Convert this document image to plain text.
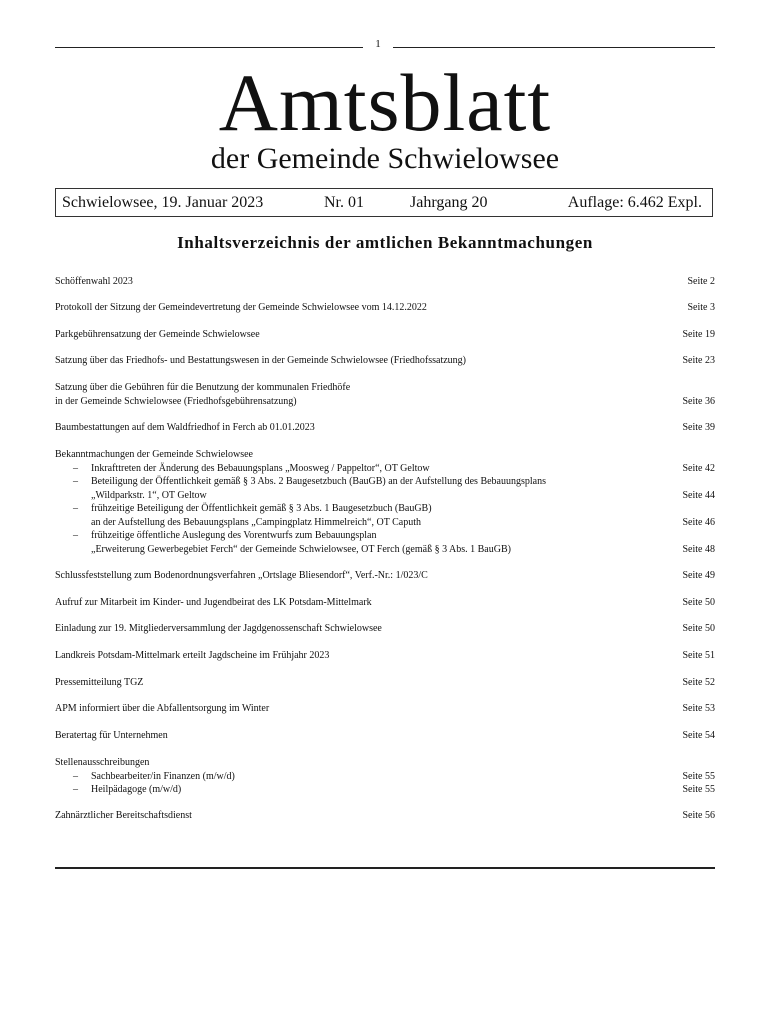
1
Amtsblatt
der Gemeinde Schwielowsee
Schwielowsee, 19. Januar 2023	Nr. 01	Jahrgang 20	Auflage: 6.462 Expl.
Inhaltsverzeichnis der amtlichen Bekanntmachungen
Schöffenwahl 2023	Seite 2
Protokoll der Sitzung der Gemeindevertretung der Gemeinde Schwielowsee vom 14.12.2022	Seite 3
Parkgebührensatzung der Gemeinde Schwielowsee	Seite 19
Satzung über das Friedhofs- und Bestattungswesen in der Gemeinde Schwielowsee (Friedhofssatzung)	Seite 23
Satzung über die Gebühren für die Benutzung der kommunalen Friedhöfe
in der Gemeinde Schwielowsee (Friedhofsgebührensatzung)	Seite 36
Baumbestattungen auf dem Waldfriedhof in Ferch ab 01.01.2023	Seite 39
Bekanntmachungen der Gemeinde Schwielowsee
– Inkrafttreten der Änderung des Bebauungsplans „Moosweg / Pappeltor“, OT Geltow	Seite 42
– Beteiligung der Öffentlichkeit gemäß § 3 Abs. 2 Baugesetzbuch (BauGB) an der Aufstellung des Bebauungsplans
„Wildparkstr. 1“, OT Geltow	Seite 44
– frühzeitige Beteiligung der Öffentlichkeit gemäß § 3 Abs. 1 Baugesetzbuch (BauGB)
an der Aufstellung des Bebauungsplans „Campingplatz Himmelreich“, OT Caputh	Seite 46
– frühzeitige öffentliche Auslegung des Vorentwurfs zum Bebauungsplan
„Erweiterung Gewerbegebiet Ferch“ der Gemeinde Schwielowsee, OT Ferch (gemäß § 3 Abs. 1 BauGB)	Seite 48
Schlussfeststellung zum Bodenordnungsverfahren „Ortslage Bliesendorf“, Verf.-Nr.: 1/023/C	Seite 49
Aufruf zur Mitarbeit im Kinder- und Jugendbeirat des LK Potsdam-Mittelmark	Seite 50
Einladung zur 19. Mitgliederversammlung der Jagdgenossenschaft Schwielowsee	Seite 50
Landkreis Potsdam-Mittelmark erteilt Jagdscheine im Frühjahr 2023	Seite 51
Pressemitteilung TGZ	Seite 52
APM informiert über die Abfallentsorgung im Winter	Seite 53
Beratertag für Unternehmen	Seite 54
Stellenausschreibungen
– Sachbearbeiter/in Finanzen (m/w/d)	Seite 55
– Heilpädagoge (m/w/d)	Seite 55
Zahnärztlicher Bereitschaftsdienst	Seite 56
